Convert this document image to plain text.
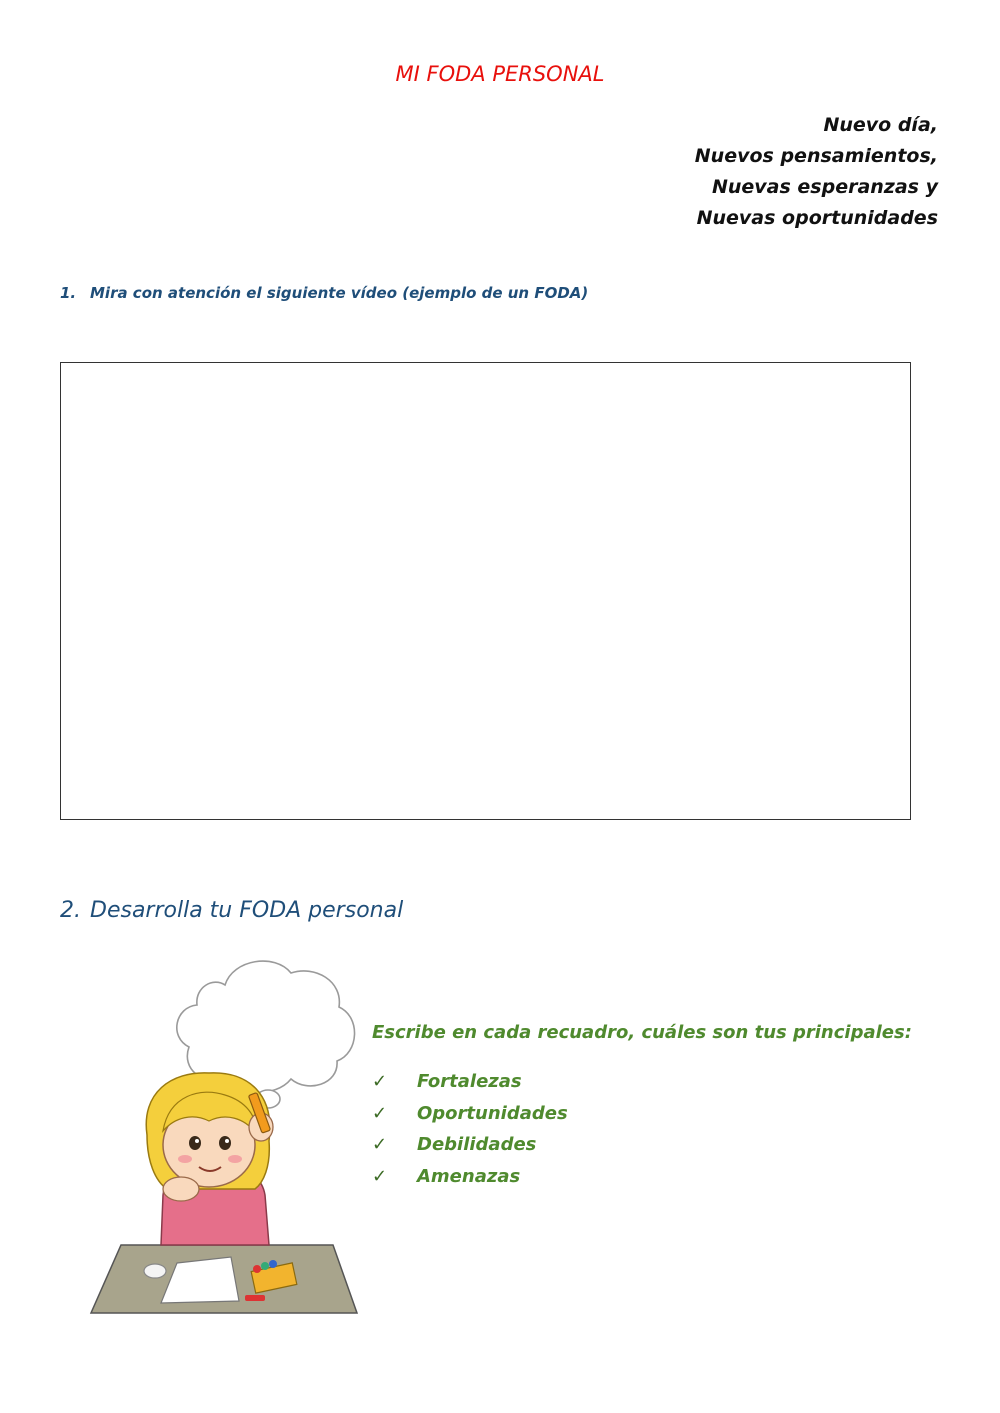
MI FODA PERSONAL
Nuevo día,
Nuevos pensamientos,
Nuevas esperanzas y
Nuevas oportunidades
1. Mira con atención el siguiente vídeo (ejemplo de un FODA)
2. Desarrolla tu FODA personal
Escribe en cada recuadro, cuáles son tus principales:
✓ Fortalezas
✓ Oportunidades
✓ Debilidades
✓ Amenazas
